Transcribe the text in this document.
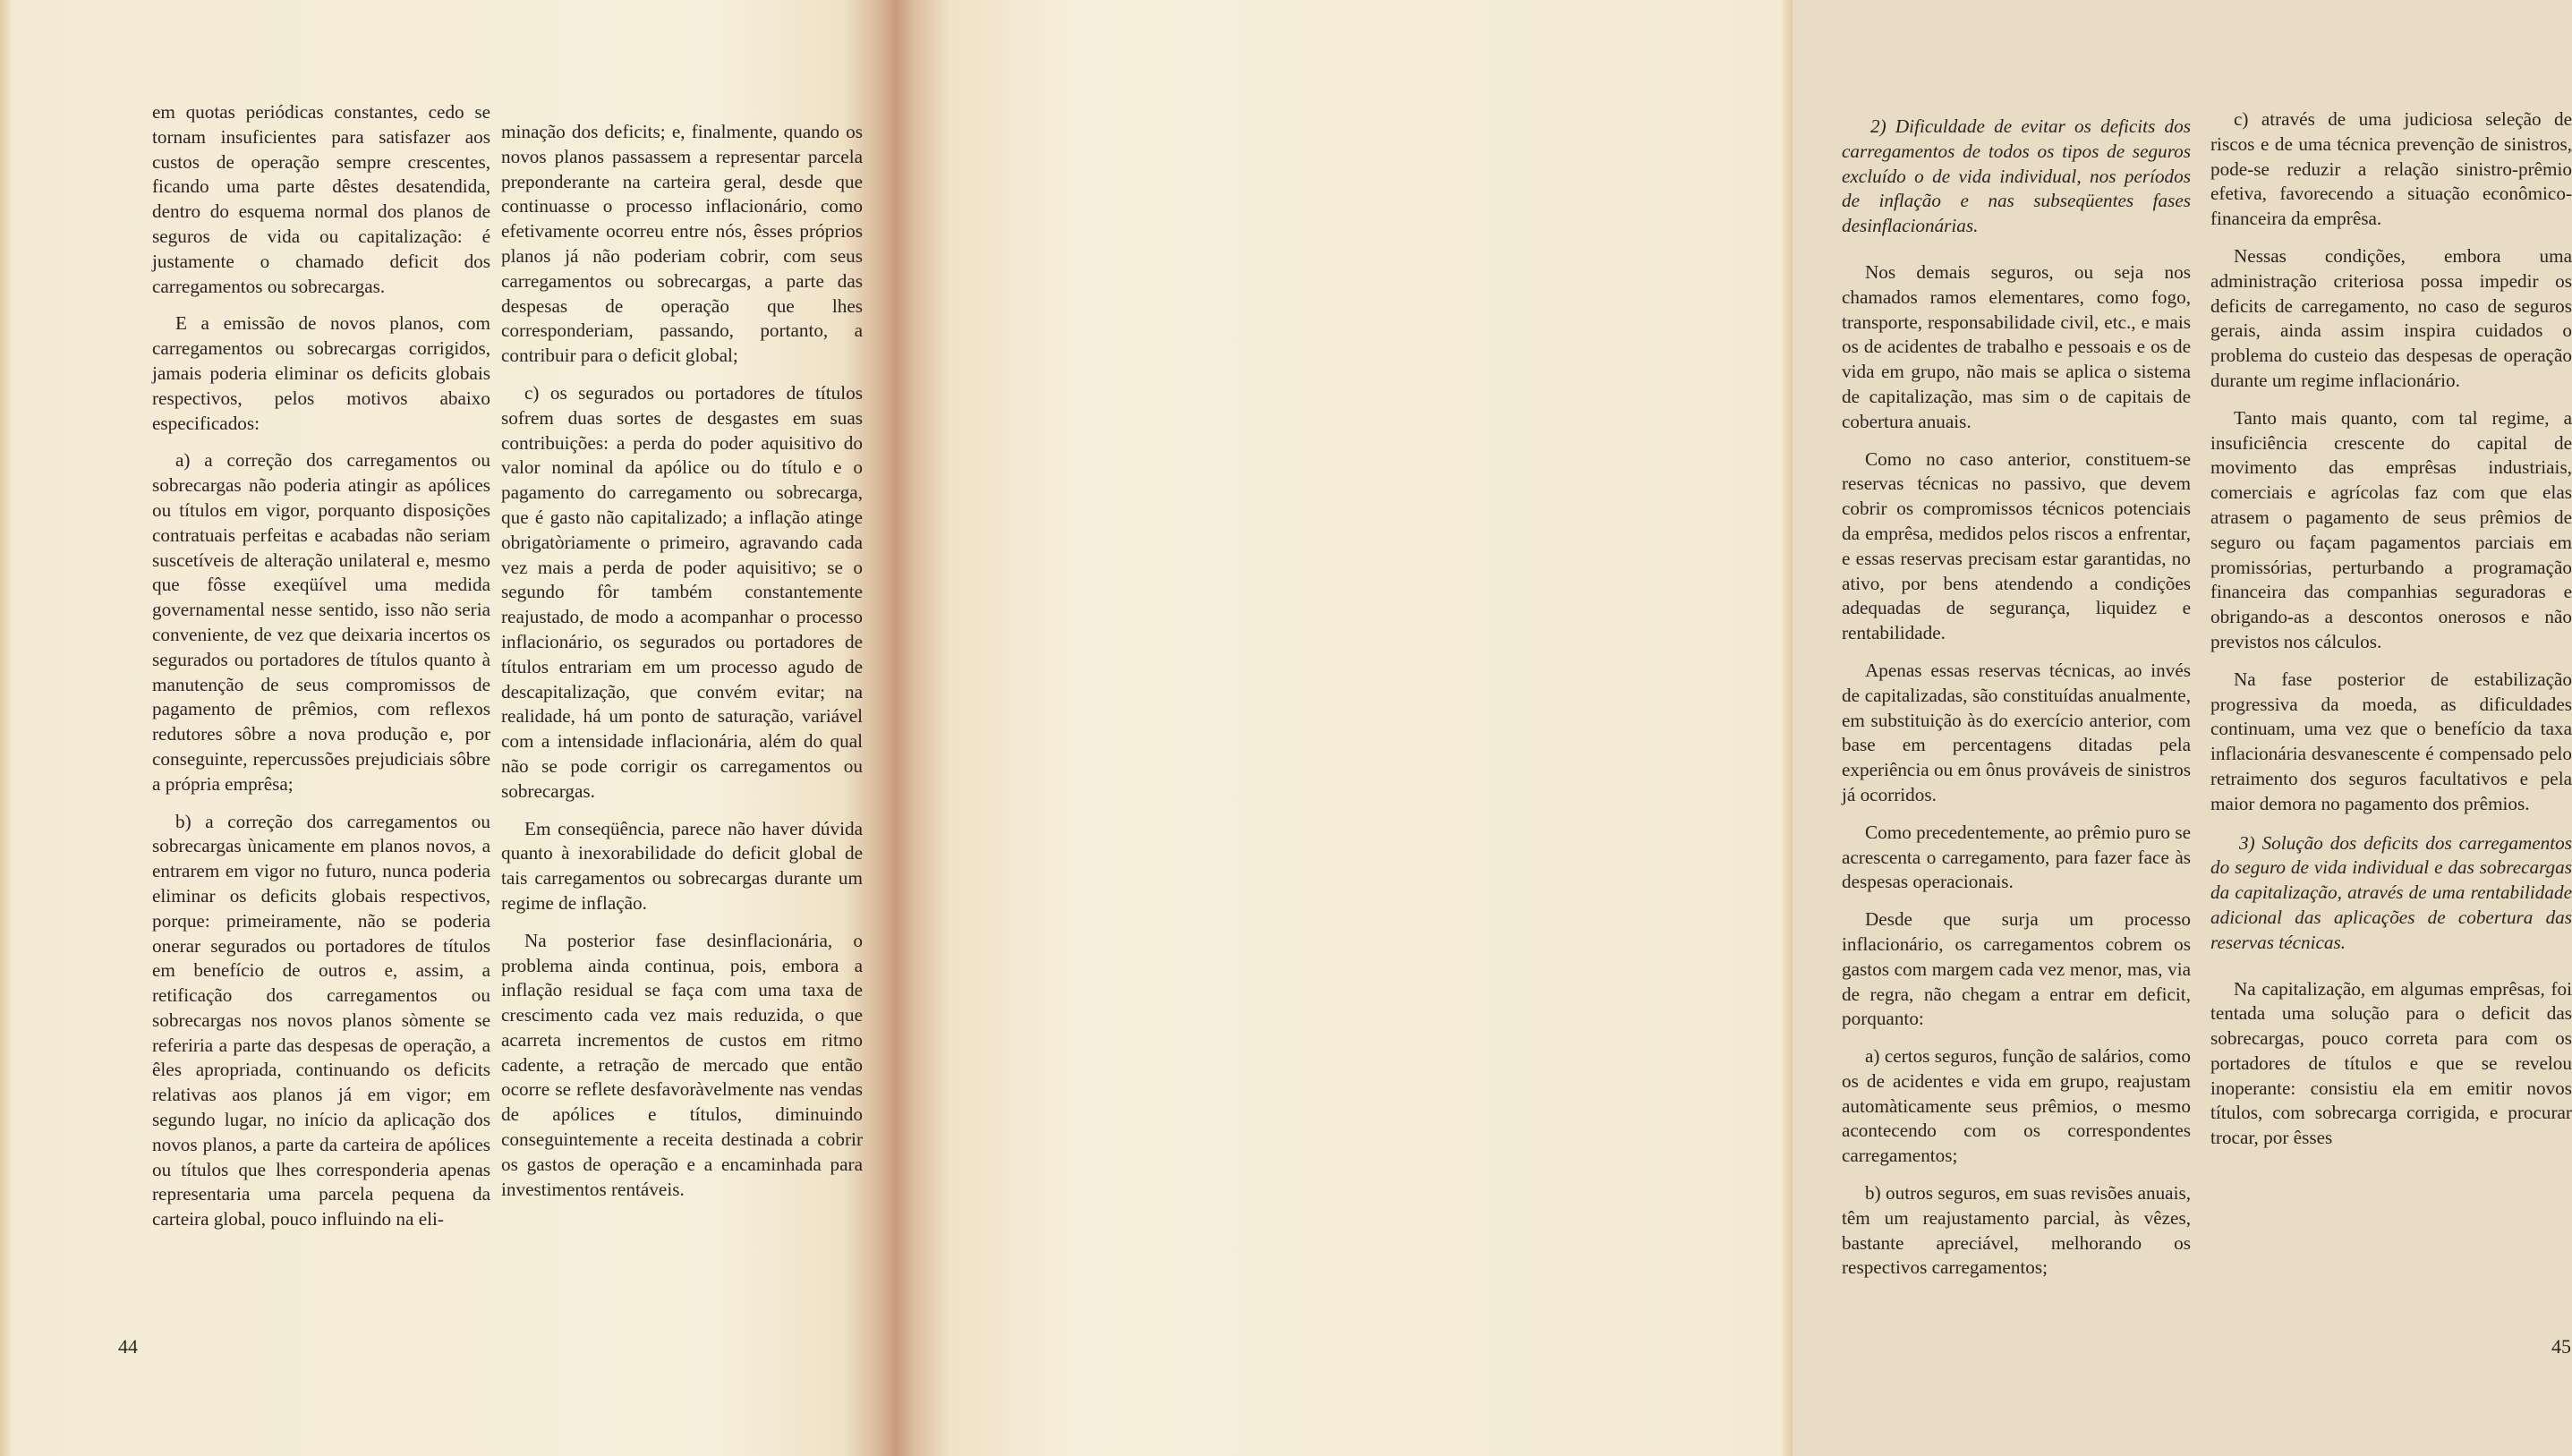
em quotas periódicas constantes, cedo se tornam insuficientes para satisfazer aos custos de operação sempre crescentes, ficando uma parte dêstes desatendida, dentro do esquema normal dos planos de seguros de vida ou capitalização: é justamente o chamado deficit dos carregamentos ou sobrecargas.

E a emissão de novos planos, com carregamentos ou sobrecargas corrigidos, jamais poderia eliminar os deficits globais respectivos, pelos motivos abaixo especificados:

a) a correção dos carregamentos ou sobrecargas não poderia atingir as apólices ou títulos em vigor, porquanto disposições contratuais perfeitas e acabadas não seriam suscetíveis de alteração unilateral e, mesmo que fôsse exeqüível uma medida governamental nesse sentido, isso não seria conveniente, de vez que deixaria incertos os segurados ou portadores de títulos quanto à manutenção de seus compromissos de pagamento de prêmios, com reflexos redutores sôbre a nova produção e, por conseguinte, repercussões prejudiciais sôbre a própria emprêsa;

b) a correção dos carregamentos ou sobrecargas ùnicamente em planos novos, a entrarem em vigor no futuro, nunca poderia eliminar os deficits globais respectivos, porque: primeiramente, não se poderia onerar segurados ou portadores de títulos em benefício de outros e, assim, a retificação dos carregamentos ou sobrecargas nos novos planos sòmente se referiria a parte das despesas de operação, a êles apropriada, continuando os deficits relativas aos planos já em vigor; em segundo lugar, no início da aplicação dos novos planos, a parte da carteira de apólices ou títulos que lhes corresponderia apenas representaria uma parcela pequena da carteira global, pouco influindo na eli-

minação dos deficits; e, finalmente, quando os novos planos passassem a representar parcela preponderante na carteira geral, desde que continuasse o processo inflacionário, como efetivamente ocorreu entre nós, êsses próprios planos já não poderiam cobrir, com seus carregamentos ou sobrecargas, a parte das despesas de operação que lhes corresponderiam, passando, portanto, a contribuir para o deficit global;

c) os segurados ou portadores de títulos sofrem duas sortes de desgastes em suas contribuições: a perda do poder aquisitivo do valor nominal da apólice ou do título e o pagamento do carregamento ou sobrecarga, que é gasto não capitalizado; a inflação atinge obrigatòriamente o primeiro, agravando cada vez mais a perda de poder aquisitivo; se o segundo fôr também constantemente reajustado, de modo a acompanhar o processo inflacionário, os segurados ou portadores de títulos entrariam em um processo agudo de descapitalização, que convém evitar; na realidade, há um ponto de saturação, variável com a intensidade inflacionária, além do qual não se pode corrigir os carregamentos ou sobrecargas.

Em conseqüência, parece não haver dúvida quanto à inexorabilidade do deficit global de tais carregamentos ou sobrecargas durante um regime de inflação.

Na posterior fase desinflacionária, o problema ainda continua, pois, embora a inflação residual se faça com uma taxa de crescimento cada vez mais reduzida, o que acarreta incrementos de custos em ritmo cadente, a retração de mercado que então ocorre se reflete desfavoràvelmente nas vendas de apólices e títulos, diminuindo conseguintemente a receita destinada a cobrir os gastos de operação e a encaminhada para investimentos rentáveis.

44

2) Dificuldade de evitar os deficits dos carregamentos de todos os tipos de seguros excluído o de vida individual, nos períodos de inflação e nas subseqüentes fases desinflacionárias.

Nos demais seguros, ou seja nos chamados ramos elementares, como fogo, transporte, responsabilidade civil, etc., e mais os de acidentes de trabalho e pessoais e os de vida em grupo, não mais se aplica o sistema de capitalização, mas sim o de capitais de cobertura anuais.

Como no caso anterior, constituem-se reservas técnicas no passivo, que devem cobrir os compromissos técnicos potenciais da emprêsa, medidos pelos riscos a enfrentar, e essas reservas precisam estar garantidas, no ativo, por bens atendendo a condições adequadas de segurança, liquidez e rentabilidade.

Apenas essas reservas técnicas, ao invés de capitalizadas, são constituídas anualmente, em substituição às do exercício anterior, com base em percentagens ditadas pela experiência ou em ônus prováveis de sinistros já ocorridos.

Como precedentemente, ao prêmio puro se acrescenta o carregamento, para fazer face às despesas operacionais.

Desde que surja um processo inflacionário, os carregamentos cobrem os gastos com margem cada vez menor, mas, via de regra, não chegam a entrar em deficit, porquanto:

a) certos seguros, função de salários, como os de acidentes e vida em grupo, reajustam automàticamente seus prêmios, o mesmo acontecendo com os correspondentes carregamentos;

b) outros seguros, em suas revisões anuais, têm um reajustamento parcial, às vêzes, bastante apreciável, melhorando os respectivos carregamentos;

c) através de uma judiciosa seleção de riscos e de uma técnica prevenção de sinistros, pode-se reduzir a relação sinistro-prêmio efetiva, favorecendo a situação econômico-financeira da emprêsa.

Nessas condições, embora uma administração criteriosa possa impedir os deficits de carregamento, no caso de seguros gerais, ainda assim inspira cuidados o problema do custeio das despesas de operação durante um regime inflacionário.

Tanto mais quanto, com tal regime, a insuficiência crescente do capital de movimento das emprêsas industriais, comerciais e agrícolas faz com que elas atrasem o pagamento de seus prêmios de seguro ou façam pagamentos parciais em promissórias, perturbando a programação financeira das companhias seguradoras e obrigando-as a descontos onerosos e não previstos nos cálculos.

Na fase posterior de estabilização progressiva da moeda, as dificuldades continuam, uma vez que o benefício da taxa inflacionária desvanescente é compensado pelo retraimento dos seguros facultativos e pela maior demora no pagamento dos prêmios.

3) Solução dos deficits dos carregamentos do seguro de vida individual e das sobrecargas da capitalização, através de uma rentabilidade adicional das aplicações de cobertura das reservas técnicas.

Na capitalização, em algumas emprêsas, foi tentada uma solução para o deficit das sobrecargas, pouco correta para com os portadores de títulos e que se revelou inoperante: consistiu ela em emitir novos títulos, com sobrecarga corrigida, e procurar trocar, por êsses

45
